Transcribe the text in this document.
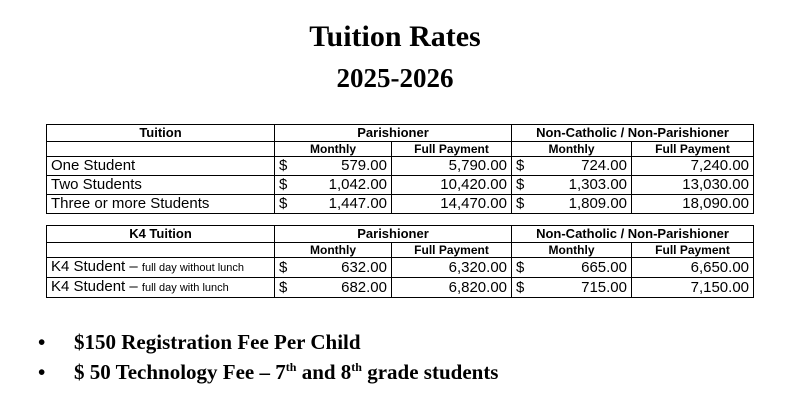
Tuition Rates
2025-2026
Tuition	Parishioner			Non-Catholic / Non-Parishioner		
	Monthly		Full Payment	Monthly		Full Payment
One Student	$	579.00	5,790.00	$	724.00	7,240.00
Two Students	$	1,042.00	10,420.00	$	1,303.00	13,030.00
Three or more Students	$	1,447.00	14,470.00	$	1,809.00	18,090.00
K4 Tuition	Parishioner			Non-Catholic / Non-Parishioner		
	Monthly		Full Payment	Monthly		Full Payment
K4 Student – full day without lunch	$	632.00	6,320.00	$	665.00	6,650.00
K4 Student – full day with lunch	$	682.00	6,820.00	$	715.00	7,150.00
• $150 Registration Fee Per Child
• $ 50 Technology Fee – 7th and 8th grade students
